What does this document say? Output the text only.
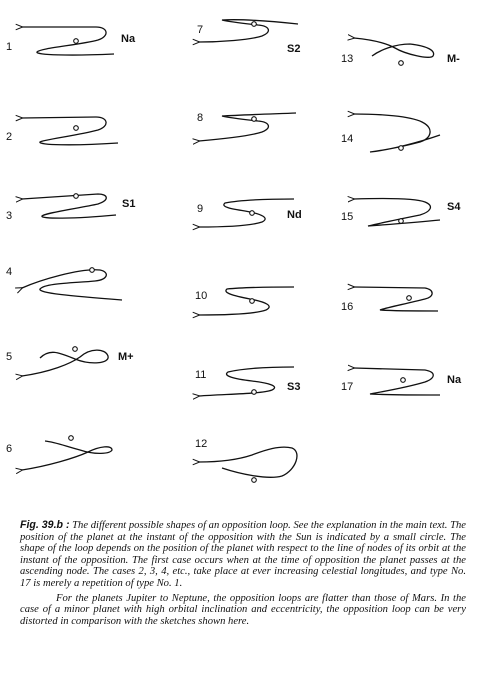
1
Na
2
3
S1
4
5	M+
6
7
S2
8
9	Nd
10
11
S3
12
13	M-
14
15
S4
16
17
Na

Fig. 39.b : The different possible shapes of an opposition loop. See the explanation in the main text. The position of the planet at the instant of the opposition with the Sun is indicated by a small circle. The shape of the loop depends on the position of the planet with respect to the line of nodes of its orbit at the instant of the opposition. The first case occurs when at the time of opposition the planet passes at the ascending node. The cases 2, 3, 4, etc., take place at ever increasing celestial longitudes, and type No. 17 is merely a repetition of type No. 1.

For the planets Jupiter to Neptune, the opposition loops are flatter than those of Mars. In the case of a minor planet with high orbital inclination and eccentricity, the opposition loop can be very distorted in comparison with the sketches shown here.
